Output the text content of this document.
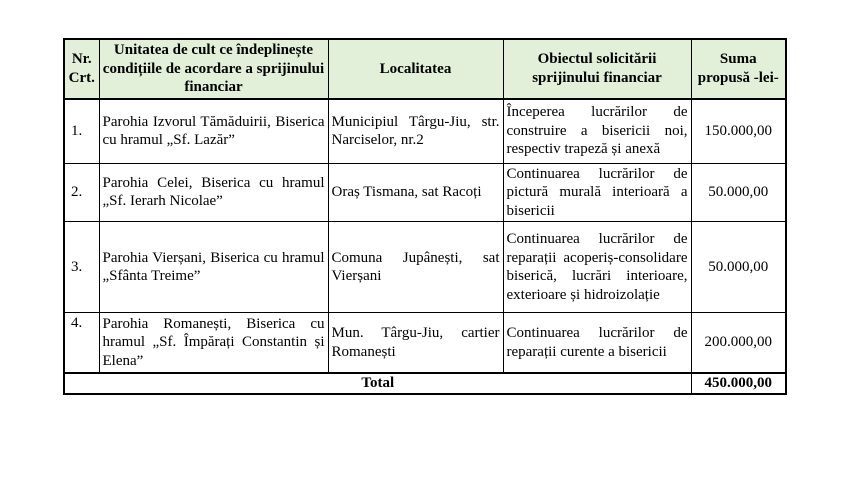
Nr. Crt.	Unitatea de cult ce îndeplinește condițiile de acordare a sprijinului financiar	Localitatea	Obiectul solicitării sprijinului financiar	Suma propusă -lei-
1.	Parohia Izvorul Tămăduirii, Biserica cu hramul „Sf. Lazăr”	Municipiul Târgu-Jiu, str. Narciselor, nr.2	Începerea lucrărilor de construire a bisericii noi, respectiv trapeză și anexă	150.000,00
2.	Parohia Celei, Biserica cu hramul „Sf. Ierarh Nicolae”	Oraș Tismana, sat Racoți	Continuarea lucrărilor de pictură murală interioară a bisericii	50.000,00
3.	Parohia Vierșani, Biserica cu hramul „Sfânta Treime”	Comuna Jupânești, sat Vierșani	Continuarea lucrărilor de reparații acoperiș-consolidare biserică, lucrări interioare, exterioare și hidroizolație	50.000,00
4.	Parohia Romanești, Biserica cu hramul „Sf. Împărați Constantin și Elena”	Mun. Târgu-Jiu, cartier Romanești	Continuarea lucrărilor de reparații curente a bisericii	200.000,00
Total				450.000,00
